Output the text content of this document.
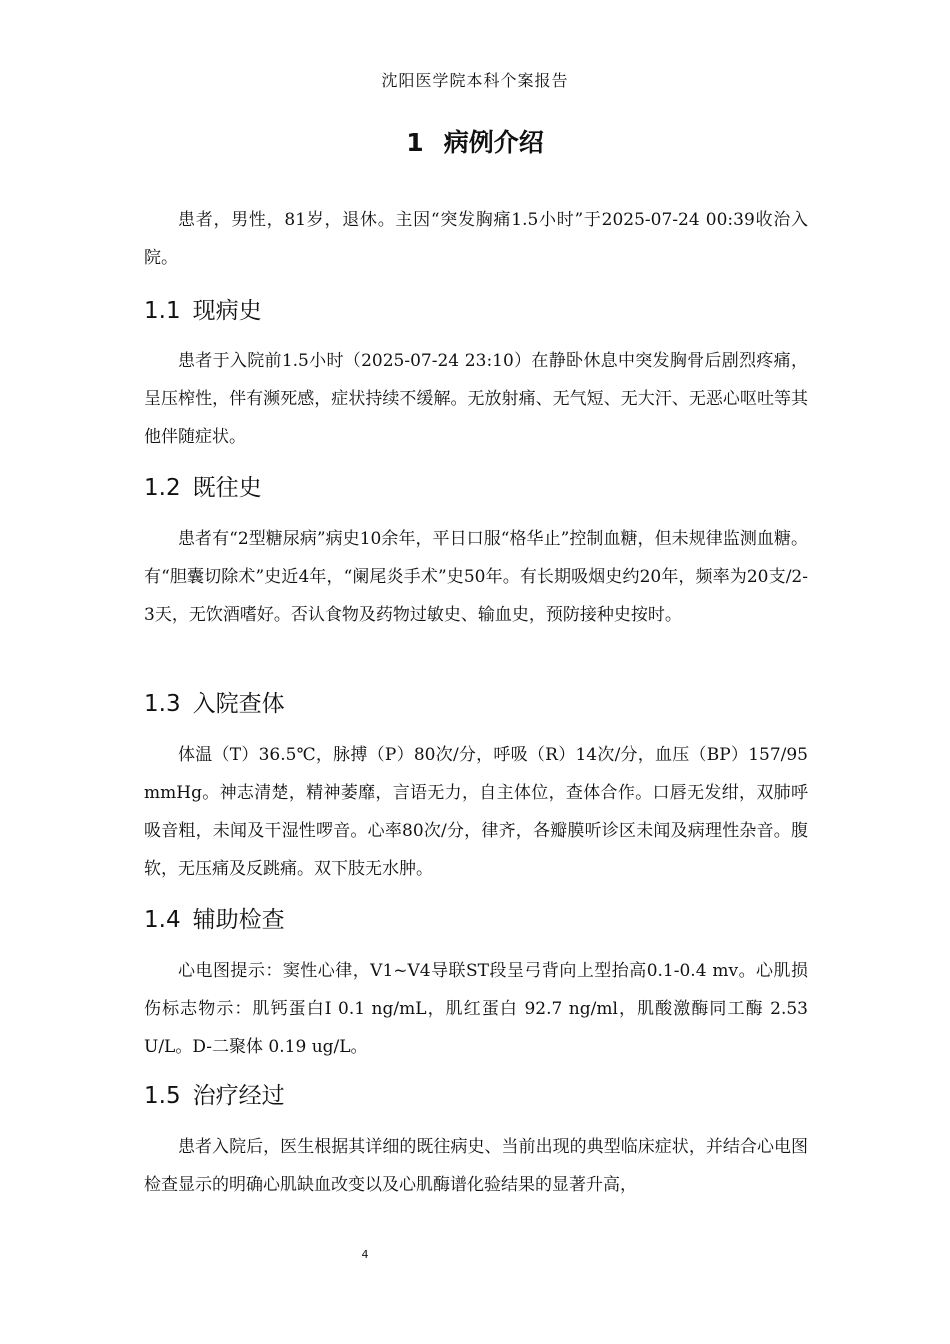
沈阳医学院本科个案报告
1 病例介绍

患者，男性，81岁，退休。主因“突发胸痛1.5小时”于2025-07-24 00:39收治入院。

1.1 现病史

患者于入院前1.5小时（2025-07-24 23:10）在静卧休息中突发胸骨后剧烈疼痛，呈压榨性，伴有濒死感，症状持续不缓解。无放射痛、无气短、无大汗、无恶心呕吐等其他伴随症状。

1.2 既往史

患者有“2型糖尿病”病史10余年，平日口服“格华止”控制血糖，但未规律监测血糖。有“胆囊切除术”史近4年，“阑尾炎手术”史50年。有长期吸烟史约20年，频率为20支/2-3天，无饮酒嗜好。否认食物及药物过敏史、输血史，预防接种史按时。

1.3 入院查体

体温（T）36.5℃，脉搏（P）80次/分，呼吸（R）14次/分，血压（BP）157/95 mmHg。神志清楚，精神萎靡，言语无力，自主体位，查体合作。口唇无发绀，双肺呼吸音粗，未闻及干湿性啰音。心率80次/分，律齐，各瓣膜听诊区未闻及病理性杂音。腹软，无压痛及反跳痛。双下肢无水肿。

1.4 辅助检查

心电图提示：窦性心律，V1~V4导联ST段呈弓背向上型抬高0.1-0.4 mv。心肌损伤标志物示：肌钙蛋白I 0.1 ng/mL，肌红蛋白 92.7 ng/ml，肌酸激酶同工酶 2.53 U/L。D-二聚体 0.19 ug/L。

1.5 治疗经过

患者入院后，医生根据其详细的既往病史、当前出现的典型临床症状，并结合心电图检查显示的明确心肌缺血改变以及心肌酶谱化验结果的显著升高，

4
